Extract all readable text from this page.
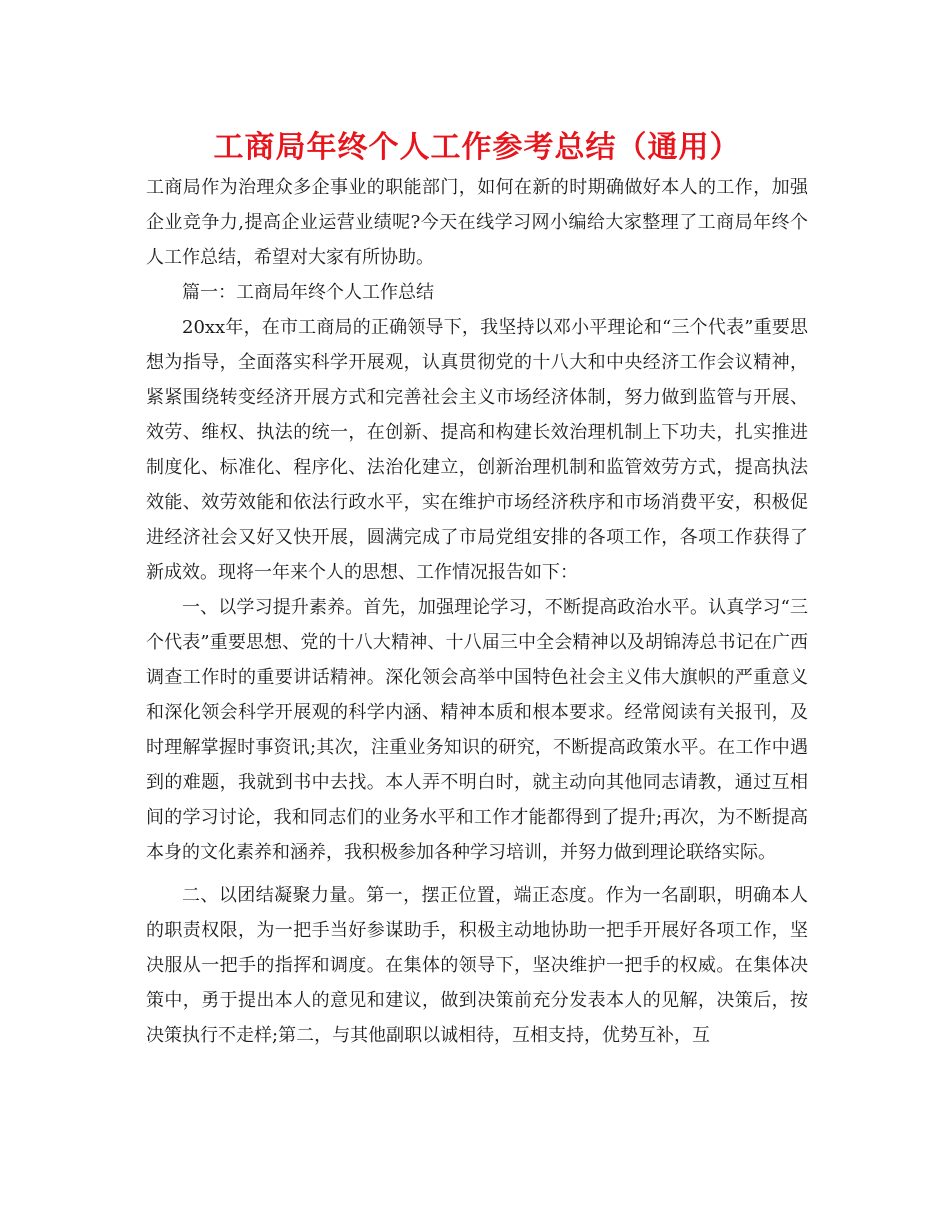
工商局年终个人工作参考总结（通用）

工商局作为治理众多企事业的职能部门，如何在新的时期确做好本人的工作，加强企业竞争力,提高企业运营业绩呢?今天在线学习网小编给大家整理了工商局年终个人工作总结，希望对大家有所协助。

篇一：工商局年终个人工作总结

20xx年，在市工商局的正确领导下，我坚持以邓小平理论和“三个代表”重要思想为指导，全面落实科学开展观，认真贯彻党的十八大和中央经济工作会议精神，紧紧围绕转变经济开展方式和完善社会主义市场经济体制，努力做到监管与开展、效劳、维权、执法的统一，在创新、提高和构建长效治理机制上下功夫，扎实推进制度化、标准化、程序化、法治化建立，创新治理机制和监管效劳方式，提高执法效能、效劳效能和依法行政水平，实在维护市场经济秩序和市场消费平安，积极促进经济社会又好又快开展，圆满完成了市局党组安排的各项工作，各项工作获得了新成效。现将一年来个人的思想、工作情况报告如下：

一、以学习提升素养。首先，加强理论学习，不断提高政治水平。认真学习“三个代表”重要思想、党的十八大精神、十八届三中全会精神以及胡锦涛总书记在广西调查工作时的重要讲话精神。深化领会高举中国特色社会主义伟大旗帜的严重意义和深化领会科学开展观的科学内涵、精神本质和根本要求。经常阅读有关报刊，及时理解掌握时事资讯;其次，注重业务知识的研究，不断提高政策水平。在工作中遇到的难题，我就到书中去找。本人弄不明白时，就主动向其他同志请教，通过互相间的学习讨论，我和同志们的业务水平和工作才能都得到了提升;再次，为不断提高本身的文化素养和涵养，我积极参加各种学习培训，并努力做到理论联络实际。

二、以团结凝聚力量。第一，摆正位置，端正态度。作为一名副职，明确本人的职责权限，为一把手当好参谋助手，积极主动地协助一把手开展好各项工作，坚决服从一把手的指挥和调度。在集体的领导下，坚决维护一把手的权威。在集体决策中，勇于提出本人的意见和建议，做到决策前充分发表本人的见解，决策后，按决策执行不走样;第二，与其他副职以诚相待，互相支持，优势互补，互
